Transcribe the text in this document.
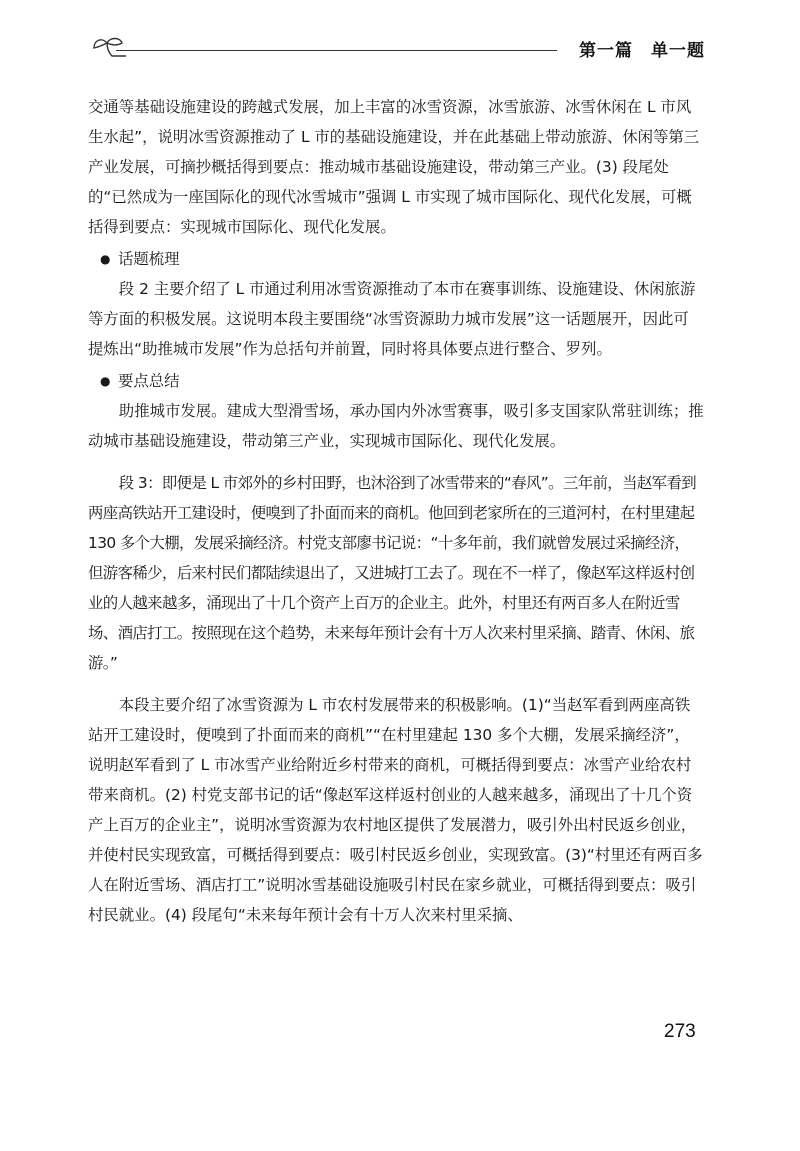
第一篇　单一题

交通等基础设施建设的跨越式发展，加上丰富的冰雪资源，冰雪旅游、冰雪休闲在 L 市风生水起”，说明冰雪资源推动了 L 市的基础设施建设，并在此基础上带动旅游、休闲等第三产业发展，可摘抄概括得到要点：推动城市基础设施建设，带动第三产业。(3) 段尾处的“已然成为一座国际化的现代冰雪城市”强调 L 市实现了城市国际化、现代化发展，可概括得到要点：实现城市国际化、现代化发展。

● 话题梳理

段 2 主要介绍了 L 市通过利用冰雪资源推动了本市在赛事训练、设施建设、休闲旅游等方面的积极发展。这说明本段主要围绕“冰雪资源助力城市发展”这一话题展开，因此可提炼出“助推城市发展”作为总括句并前置，同时将具体要点进行整合、罗列。

● 要点总结

助推城市发展。建成大型滑雪场，承办国内外冰雪赛事，吸引多支国家队常驻训练；推动城市基础设施建设，带动第三产业，实现城市国际化、现代化发展。

段 3：即便是 L 市郊外的乡村田野，也沐浴到了冰雪带来的“春风”。三年前，当赵军看到两座高铁站开工建设时，便嗅到了扑面而来的商机。他回到老家所在的三道河村，在村里建起 130 多个大棚，发展采摘经济。村党支部廖书记说：“十多年前，我们就曾发展过采摘经济，但游客稀少，后来村民们都陆续退出了，又进城打工去了。现在不一样了，像赵军这样返村创业的人越来越多，涌现出了十几个资产上百万的企业主。此外，村里还有两百多人在附近雪场、酒店打工。按照现在这个趋势，未来每年预计会有十万人次来村里采摘、踏青、休闲、旅游。”

本段主要介绍了冰雪资源为 L 市农村发展带来的积极影响。(1)“当赵军看到两座高铁站开工建设时，便嗅到了扑面而来的商机”“在村里建起 130 多个大棚，发展采摘经济”，说明赵军看到了 L 市冰雪产业给附近乡村带来的商机，可概括得到要点：冰雪产业给农村带来商机。(2) 村党支部书记的话“像赵军这样返村创业的人越来越多，涌现出了十几个资产上百万的企业主”，说明冰雪资源为农村地区提供了发展潜力，吸引外出村民返乡创业，并使村民实现致富，可概括得到要点：吸引村民返乡创业，实现致富。(3)“村里还有两百多人在附近雪场、酒店打工”说明冰雪基础设施吸引村民在家乡就业，可概括得到要点：吸引村民就业。(4) 段尾句“未来每年预计会有十万人次来村里采摘、

273
